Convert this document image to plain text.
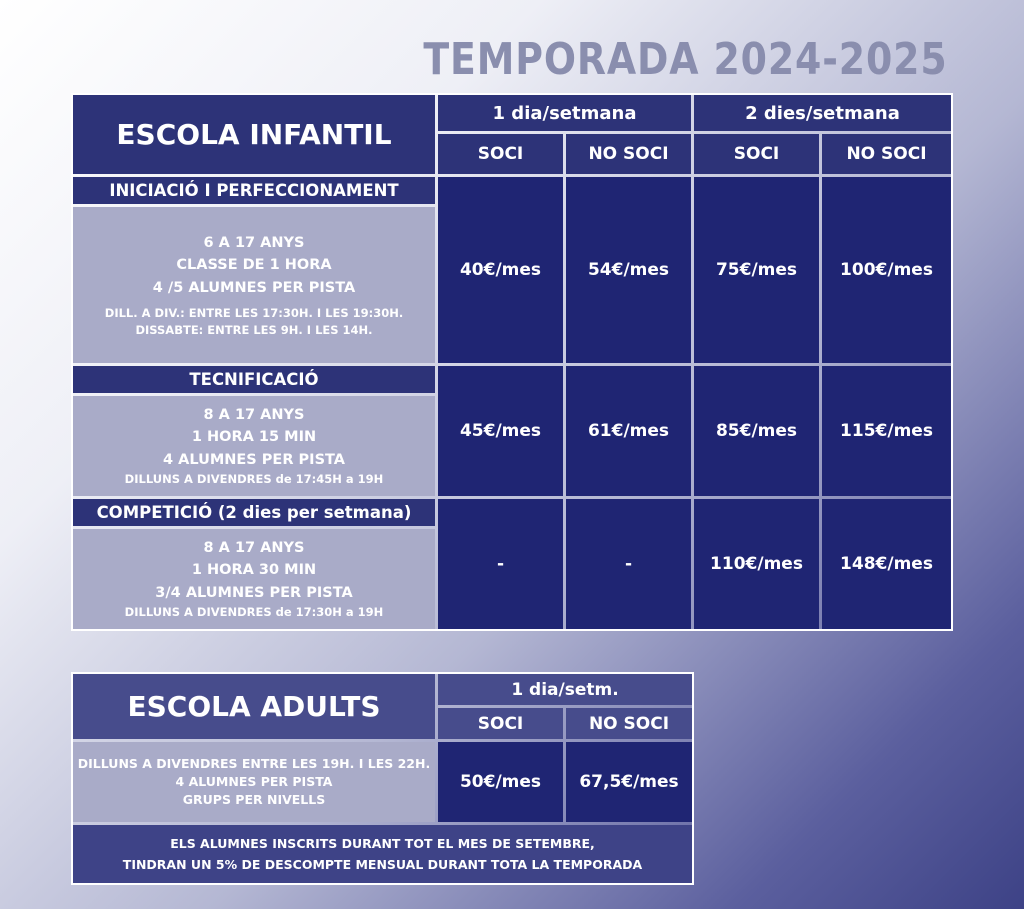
TEMPORADA 2024-2025
ESCOLA INFANTIL
1 dia/setmana	2 dies/setmana
SOCI	NO SOCI	SOCI	NO SOCI
INICIACIÓ I PERFECCIONAMENT
6 A 17 ANYS
CLASSE DE 1 HORA
4 /5 ALUMNES PER PISTA
DILL. A DIV.: ENTRE LES 17:30H. I LES 19:30H.
DISSABTE: ENTRE LES 9H. I LES 14H.
40€/mes	54€/mes	75€/mes	100€/mes
TECNIFICACIÓ
8 A 17 ANYS
1 HORA 15 MIN
4 ALUMNES PER PISTA
DILLUNS A DIVENDRES de 17:45H a 19H
45€/mes	61€/mes	85€/mes	115€/mes
COMPETICIÓ (2 dies per setmana)
8 A 17 ANYS
1 HORA 30 MIN
3/4 ALUMNES PER PISTA
DILLUNS A DIVENDRES de 17:30H a 19H
-	-	110€/mes	148€/mes
ESCOLA ADULTS
1 dia/setm.
SOCI	NO SOCI
DILLUNS A DIVENDRES ENTRE LES 19H. I LES 22H.
4 ALUMNES PER PISTA
GRUPS PER NIVELLS
50€/mes	67,5€/mes
ELS ALUMNES INSCRITS DURANT TOT EL MES DE SETEMBRE,
TINDRAN UN 5% DE DESCOMPTE MENSUAL DURANT TOTA LA TEMPORADA
